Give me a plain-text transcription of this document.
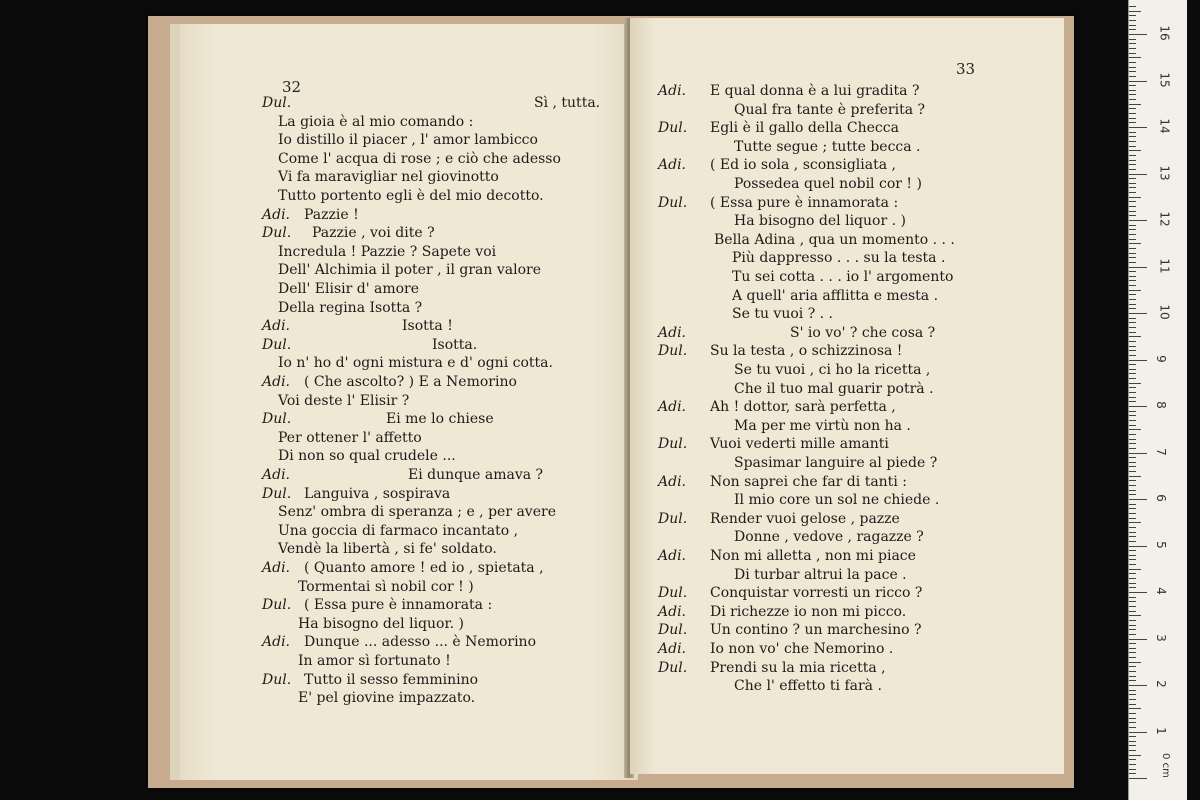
32
Dul.	Sì , tutta.
La gioia è al mio comando :
Io distillo il piacer , l' amor lambicco
Come l' acqua di rose ; e ciò che adesso
Vi fa maravigliar nel giovinotto
Tutto portento egli è del mio decotto.
Adi. Pazzie !
Dul. Pazzie , voi dite ?
Incredula ! Pazzie ? Sapete voi
Dell' Alchimia il poter , il gran valore
Dell' Elisir d' amore
Della regina Isotta ?
Adi.	Isotta !
Dul.	Isotta.
Io n' ho d' ogni mistura e d' ogni cotta.
Adi. ( Che ascolto? ) E a Nemorino
Voi deste l' Elisir ?
Dul.	Ei me lo chiese
Per ottener l' affetto
Di non so qual crudele ...
Adi.	Ei dunque amava ?
Dul. Languiva , sospirava
Senz' ombra di speranza ; e , per avere
Una goccia di farmaco incantato ,
Vendè la libertà , si fe' soldato.
Adi. ( Quanto amore ! ed io , spietata ,
Tormentai sì nobil cor ! )
Dul. ( Essa pure è innamorata :
Ha bisogno del liquor. )
Adi. Dunque ... adesso ... è Nemorino
In amor sì fortunato !
Dul. Tutto il sesso femminino
E' pel giovine impazzato.
33
Adi. E qual donna è a lui gradita ?
Qual fra tante è preferita ?
Dul. Egli è il gallo della Checca
Tutte segue ; tutte becca .
Adi. ( Ed io sola , sconsigliata ,
Possedea quel nobil cor ! )
Dul. ( Essa pure è innamorata :
Ha bisogno del liquor . )
Bella Adina , qua un momento . . .
Più dappresso . . . su la testa .
Tu sei cotta . . . io l' argomento
A quell' aria afflitta e mesta .
Se tu vuoi ? . .
Adi.	S' io vo' ? che cosa ?
Dul. Su la testa , o schizzinosa !
Se tu vuoi , ci ho la ricetta ,
Che il tuo mal guarir potrà .
Adi. Ah ! dottor, sarà perfetta ,
Ma per me virtù non ha .
Dul. Vuoi vederti mille amanti
Spasimar languire al piede ?
Adi. Non saprei che far di tanti :
Il mio core un sol ne chiede .
Dul. Render vuoi gelose , pazze
Donne , vedove , ragazze ?
Adi. Non mi alletta , non mi piace
Di turbar altrui la pace .
Dul. Conquistar vorresti un ricco ?
Adi. Di richezze io non mi picco.
Dul. Un contino ? un marchesino ?
Adi. Io non vo' che Nemorino .
Dul. Prendi su la mia ricetta ,
Che l' effetto ti farà .
1
2
3
4
5
6
7
8
9
10
11
12
13
14
15
16
0 cm
